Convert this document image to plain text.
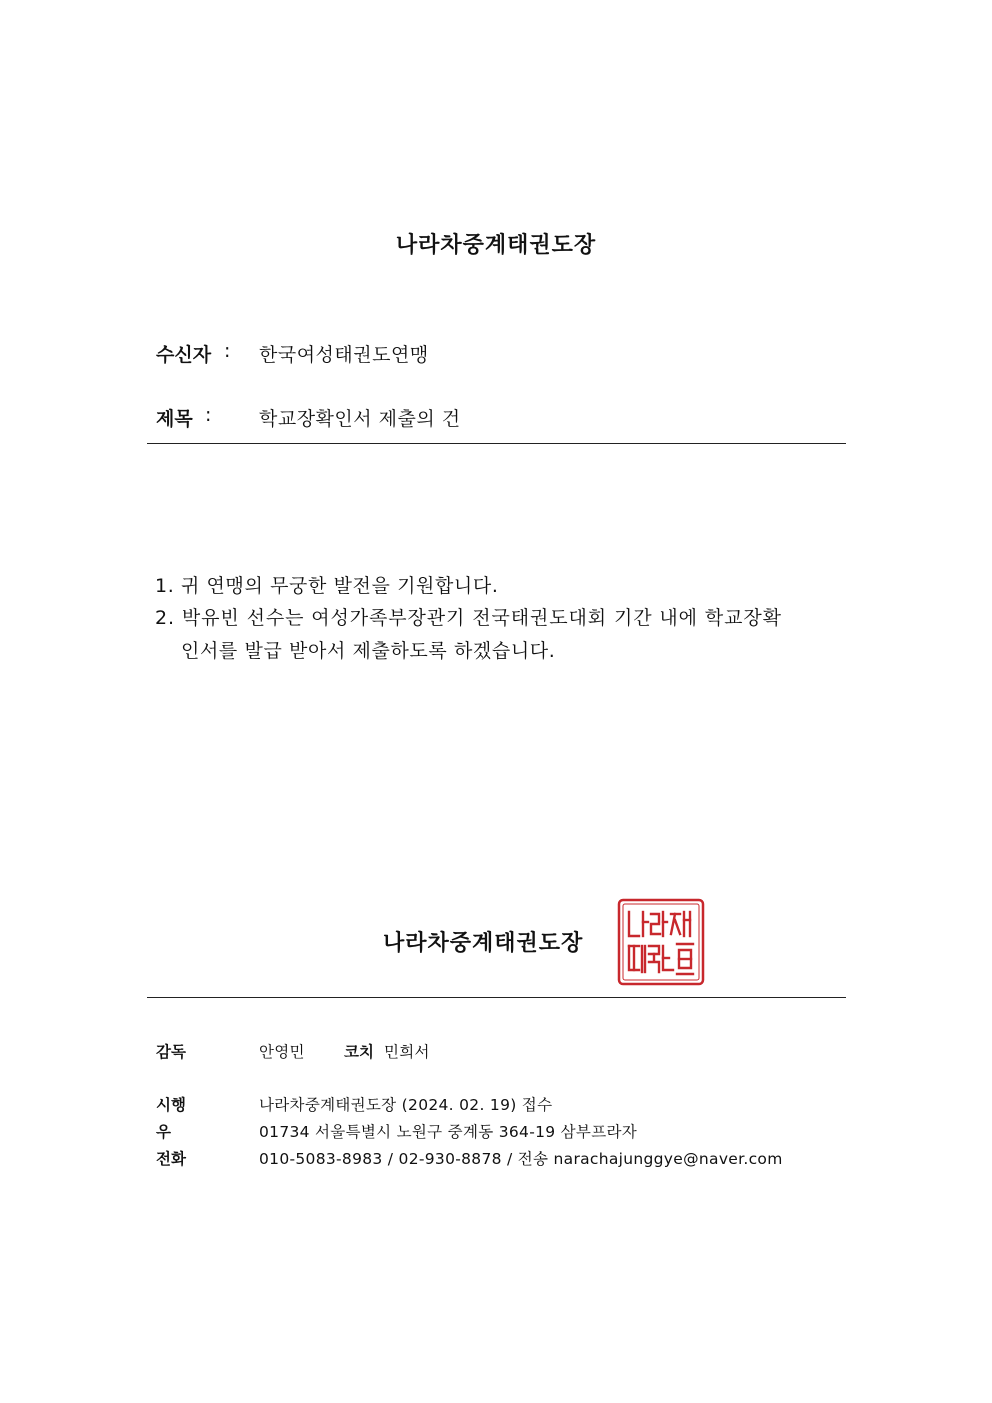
나라차중계태권도장
수신자 : 한국여성태권도연맹
제목 :	학교장확인서 제출의 건
1. 귀 연맹의 무궁한 발전을 기원합니다.
2. 박유빈 선수는 여성가족부장관기 전국태권도대회 기간 내에 학교장확
인서를 발급 받아서 제출하도록 하겠습니다.
나라차중계태권도장
감독	안영민	코치 민희서
시행	나라차중계태권도장 (2024. 02. 19) 접수
우	01734 서울특별시 노원구 중계동 364-19 삼부프라자
전화	010-5083-8983 / 02-930-8878 / 전송 narachajunggye@naver.com
